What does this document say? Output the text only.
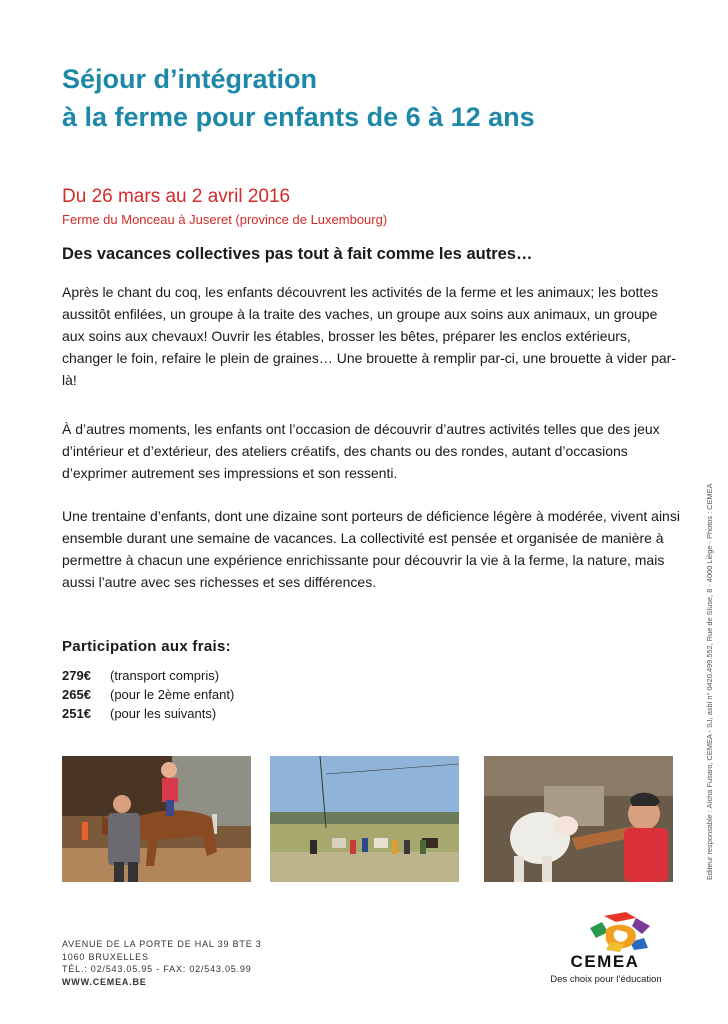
Séjour d’intégration
à la ferme pour enfants de 6 à 12 ans
Du 26 mars au 2 avril 2016
Ferme du Monceau à Juseret (province de Luxembourg)
Des vacances collectives pas tout à fait comme les autres…

Après le chant du coq, les enfants découvrent les activités de la ferme et les animaux; les bottes aussitôt enfilées, un groupe à la traite des vaches, un groupe aux soins aux animaux, un groupe aux soins aux chevaux! Ouvrir les étables, brosser les bêtes, préparer les enclos extérieurs, changer le foin, refaire le plein de graines… Une brouette à remplir par-ci, une brouette à vider par-là!

À d’autres moments, les enfants ont l’occasion de découvrir d’autres activités telles que des jeux d’intérieur et d’extérieur, des ateliers créatifs, des chants ou des rondes, autant d’occasions d’exprimer autrement ses impressions et son ressenti.

Une trentaine d’enfants, dont une dizaine sont porteurs de déficience légère à modérée, vivent ainsi ensemble durant une semaine de vacances. La collectivité est pensée et organisée de manière à permettre à chacun une expérience enrichissante pour découvrir la vie à la ferme, la nature, mais aussi l’autre avec ses richesses et ses différences.

Participation aux frais:
279€ (transport compris)
265€ (pour le 2ème enfant)
251€ (pour les suivants)
AVENUE DE LA PORTE DE HAL 39 BTE 3
1060 BRUXELLES
TÉL.: 02/543.05.95 - FAX: 02/543.05.99
WWW.CEMEA.BE
CEMEA
Des choix pour l’éducation
Editeur responsable : Aïcha Fusaro, CEMEA - SJ, asbl n° 0420.499.552, Rue de Sluse, 8 - 4000 Liège - Photos : CEMEA
